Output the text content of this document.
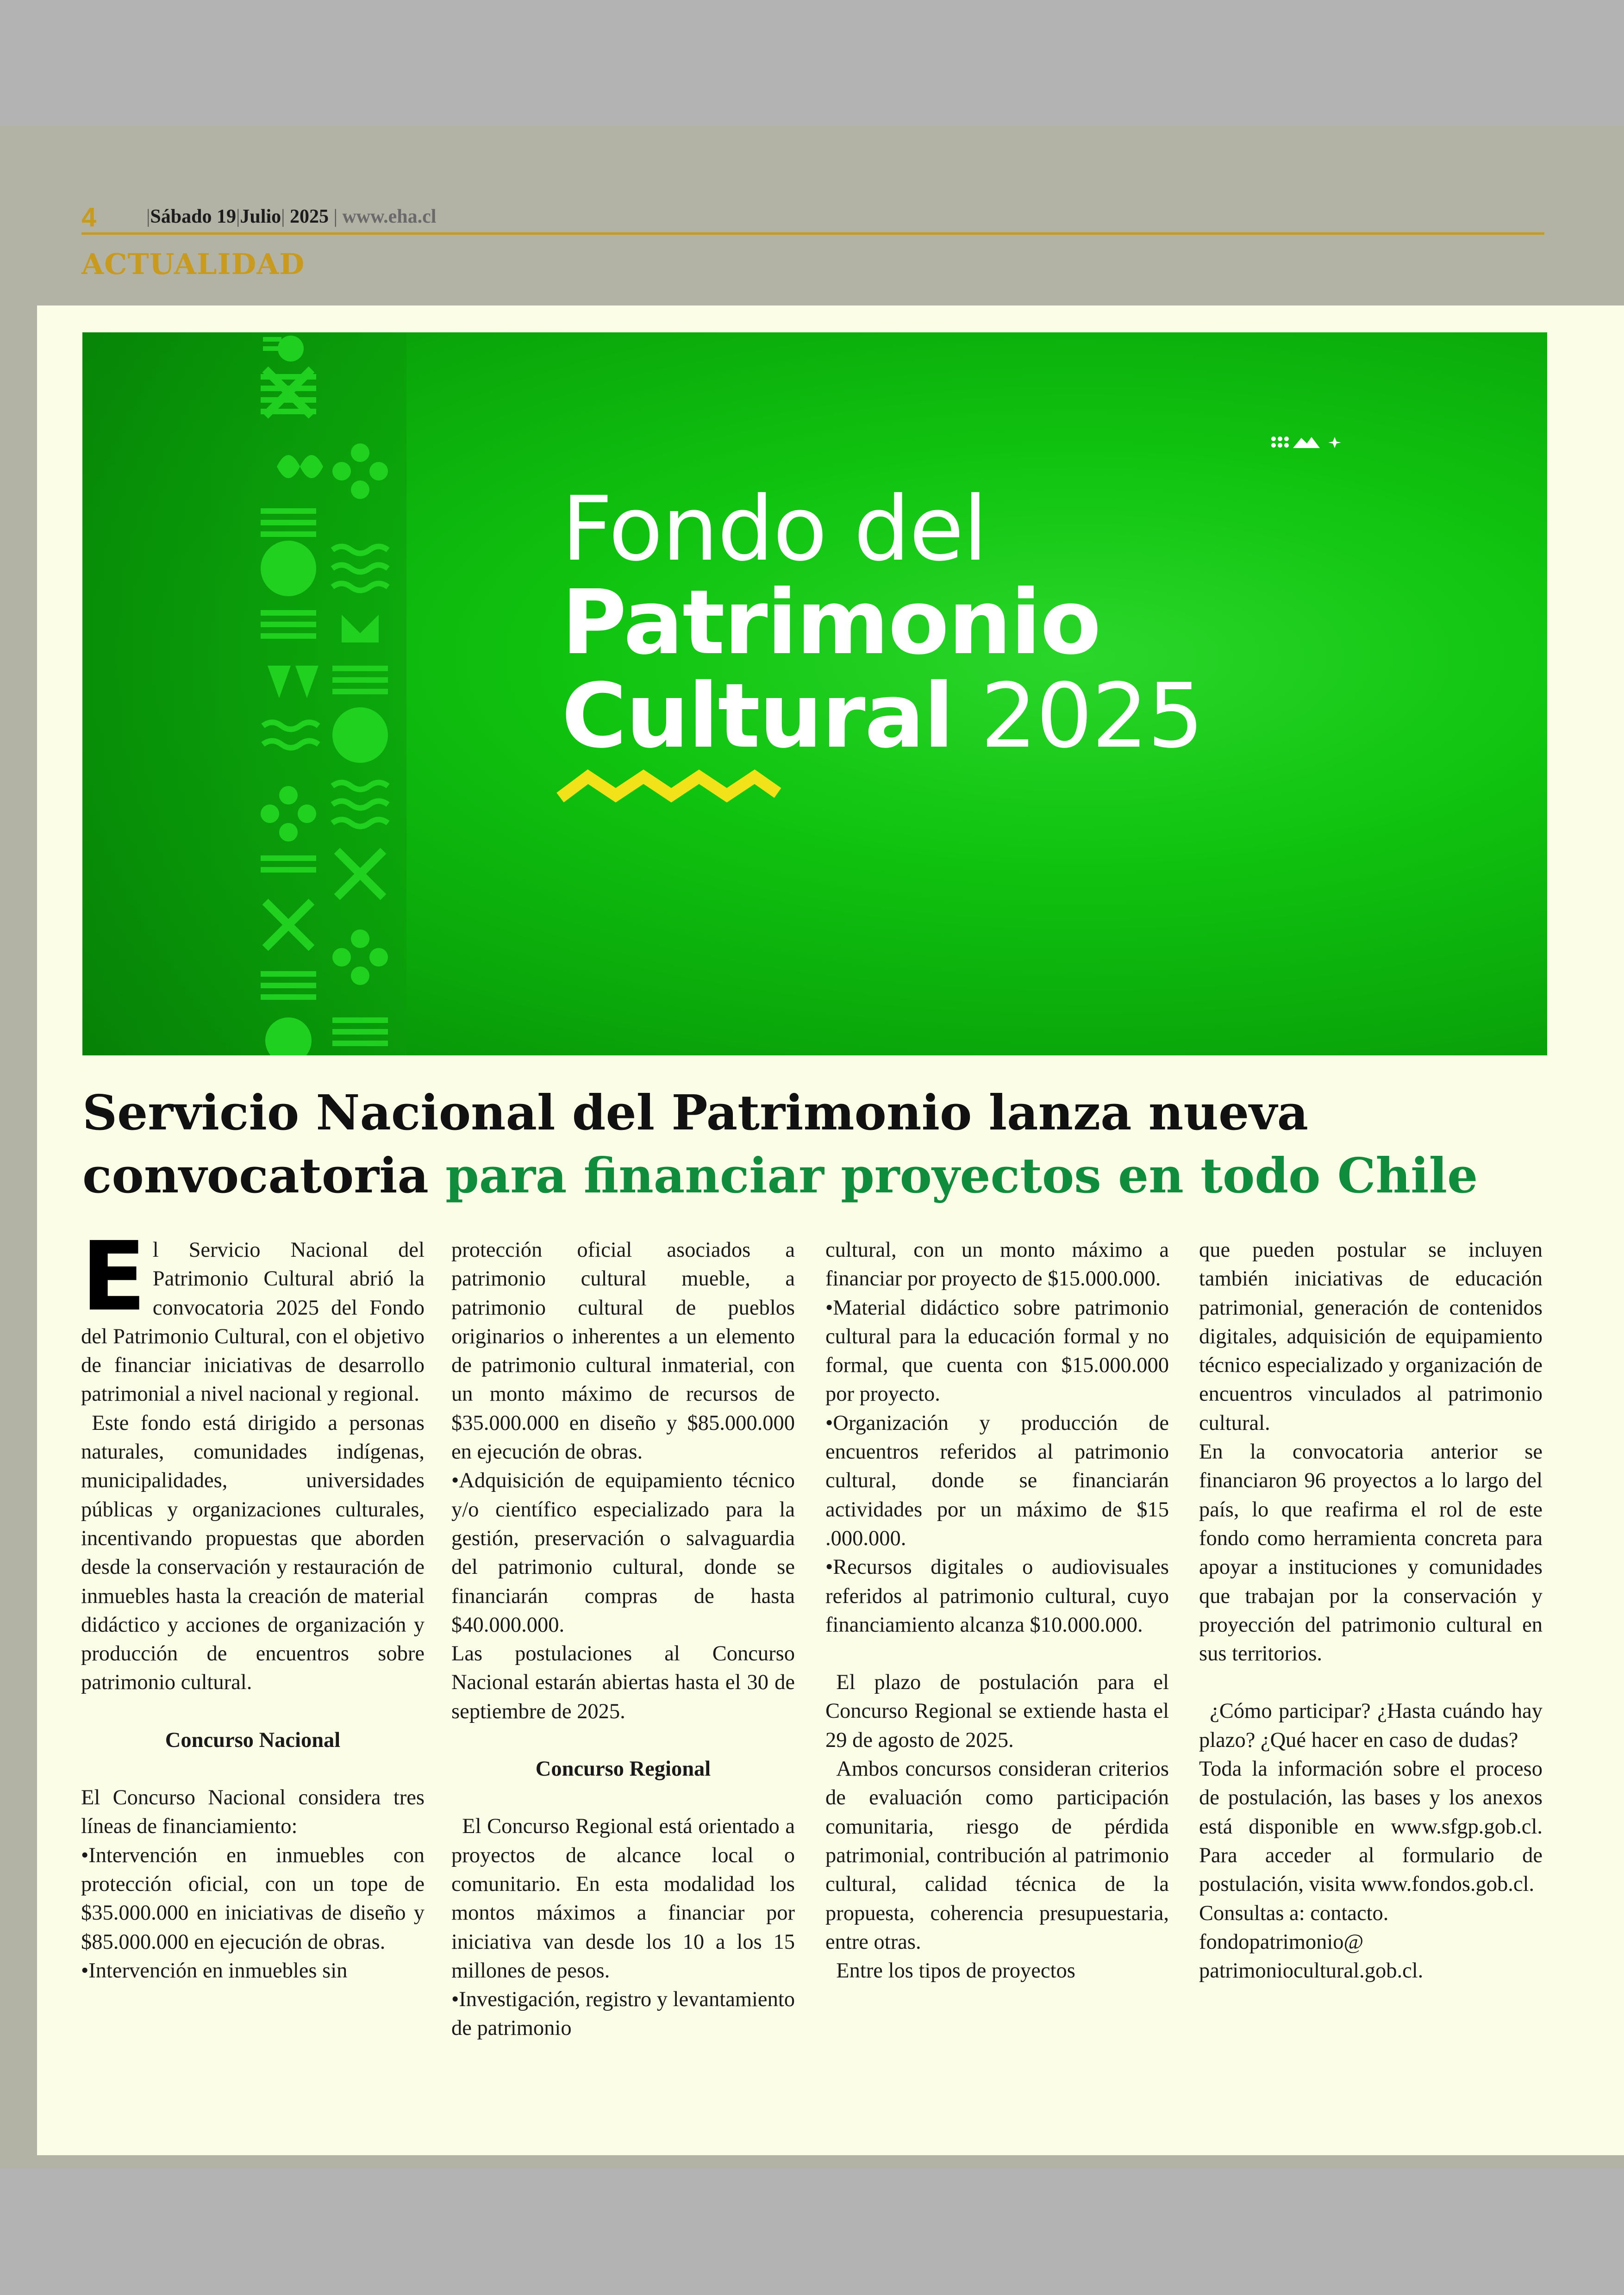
4	|Sábado 19|Julio| 2025 | www.eha.cl
ACTUALIDAD
Fondo del
Patrimonio
Cultural 2025
Servicio Nacional del Patrimonio lanza nueva convocatoria para financiar proyectos en todo Chile

El Servicio Nacional del Patrimonio Cultural abrió la convocatoria 2025 del Fondo del Patrimonio Cultural, con el objetivo de financiar iniciativas de desarrollo patrimonial a nivel nacional y regional.

Este fondo está dirigido a personas naturales, comunidades indígenas, municipalidades, universidades públicas y organizaciones culturales, incentivando propuestas que aborden desde la conservación y restauración de inmuebles hasta la creación de material didáctico y acciones de organización y producción de encuentros sobre patrimonio cultural.

Concurso Nacional

El Concurso Nacional considera tres líneas de financiamiento:

•Intervención en inmuebles con protección oficial, con un tope de $35.000.000 en iniciativas de diseño y $85.000.000 en ejecución de obras.

•Intervención en inmuebles sin

protección oficial asociados a patrimonio cultural mueble, a patrimonio cultural de pueblos originarios o inherentes a un elemento de patrimonio cultural inmaterial, con un monto máximo de recursos de $35.000.000 en diseño y $85.000.000 en ejecución de obras.

•Adquisición de equipamiento técnico y/o científico especializado para la gestión, preservación o salvaguardia del patrimonio cultural, donde se financiarán compras de hasta $40.000.000.

Las postulaciones al Concurso Nacional estarán abiertas hasta el 30 de septiembre de 2025.

Concurso Regional

El Concurso Regional está orientado a proyectos de alcance local o comunitario. En esta modalidad los montos máximos a financiar por iniciativa van desde los 10 a los 15 millones de pesos.

•Investigación, registro y levantamiento de patrimonio

cultural, con un monto máximo a financiar por proyecto de $15.000.000.

•Material didáctico sobre patrimonio cultural para la educación formal y no formal, que cuenta con $15.000.000 por proyecto.

•Organización y producción de encuentros referidos al patrimonio cultural, donde se financiarán actividades por un máximo de $15 .000.000.

•Recursos digitales o audiovisuales referidos al patrimonio cultural, cuyo financiamiento alcanza $10.000.000.

El plazo de postulación para el Concurso Regional se extiende hasta el 29 de agosto de 2025.

Ambos concursos consideran criterios de evaluación como participación comunitaria, riesgo de pérdida patrimonial, contribución al patrimonio cultural, calidad técnica de la propuesta, coherencia presupuestaria, entre otras.

Entre los tipos de proyectos

que pueden postular se incluyen también iniciativas de educación patrimonial, generación de contenidos digitales, adquisición de equipamiento técnico especializado y organización de encuentros vinculados al patrimonio cultural.

En la convocatoria anterior se financiaron 96 proyectos a lo largo del país, lo que reafirma el rol de este fondo como herramienta concreta para apoyar a instituciones y comunidades que trabajan por la conservación y proyección del patrimonio cultural en sus territorios.

¿Cómo participar? ¿Hasta cuándo hay plazo? ¿Qué hacer en caso de dudas?

Toda la información sobre el proceso de postulación, las bases y los anexos está disponible en www.sfgp.gob.cl. Para acceder al formulario de postulación, visita www.fondos.gob.cl.

Consultas a: contacto.

fondopatrimonio@

patrimoniocultural.gob.cl.
